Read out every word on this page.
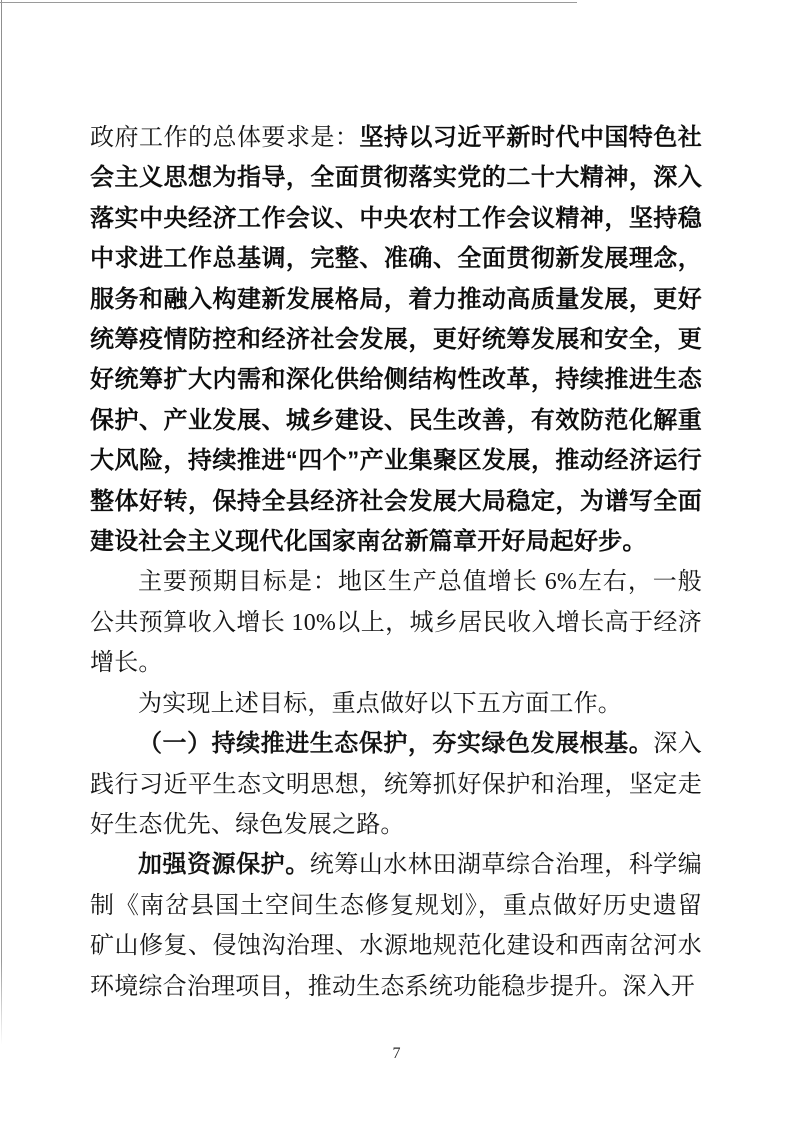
政府工作的总体要求是：坚持以习近平新时代中国特色社会主义思想为指导，全面贯彻落实党的二十大精神，深入落实中央经济工作会议、中央农村工作会议精神，坚持稳中求进工作总基调，完整、准确、全面贯彻新发展理念，服务和融入构建新发展格局，着力推动高质量发展，更好统筹疫情防控和经济社会发展，更好统筹发展和安全，更好统筹扩大内需和深化供给侧结构性改革，持续推进生态保护、产业发展、城乡建设、民生改善，有效防范化解重大风险，持续推进“四个”产业集聚区发展，推动经济运行整体好转，保持全县经济社会发展大局稳定，为谱写全面建设社会主义现代化国家南岔新篇章开好局起好步。

主要预期目标是：地区生产总值增长 6%左右，一般公共预算收入增长 10%以上，城乡居民收入增长高于经济增长。

为实现上述目标，重点做好以下五方面工作。

（一）持续推进生态保护，夯实绿色发展根基。深入践行习近平生态文明思想，统筹抓好保护和治理，坚定走好生态优先、绿色发展之路。

加强资源保护。统筹山水林田湖草综合治理，科学编制《南岔县国土空间生态修复规划》，重点做好历史遗留矿山修复、侵蚀沟治理、水源地规范化建设和西南岔河水环境综合治理项目，推动生态系统功能稳步提升。深入开

7
